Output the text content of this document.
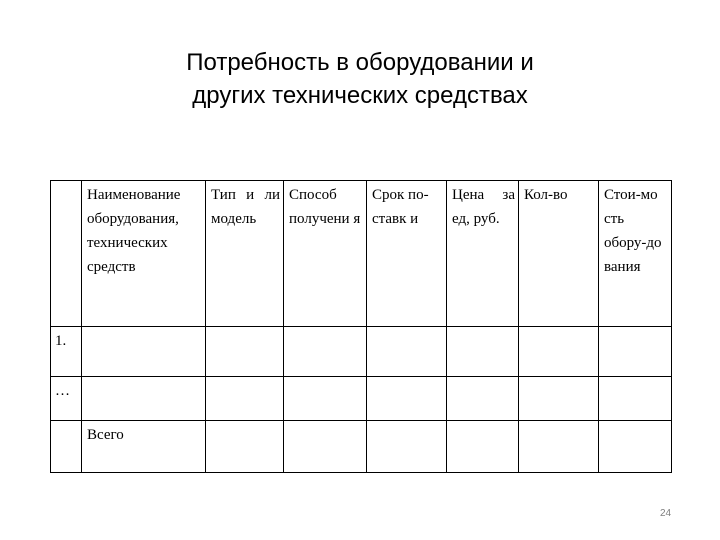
Потребность в оборудовании и
других технических средствах
	Наименование оборудования, технических средств	Тип и ли модель	Способ получени я	Срок по-ставк и	Цена за ед, руб.	Кол-во	Стои-мо сть обору-до вания
1.							
…							
	Всего						
24
